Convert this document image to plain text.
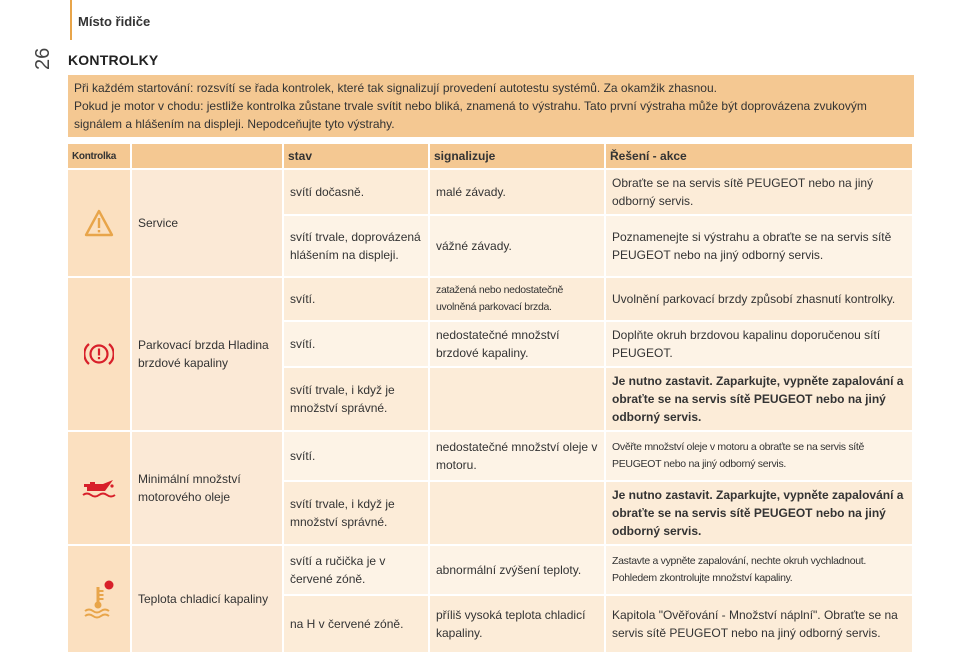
Místo řidiče
26 KONTROLKY

Při každém startování: rozsvítí se řada kontrolek, které tak signalizují provedení autotestu systémů. Za okamžik zhasnou.

Pokud je motor v chodu: jestliže kontrolka zůstane trvale svítit nebo bliká, znamená to výstrahu. Tato první výstraha může být doprovázena zvukovým signálem a hlášením na displeji. Nepodceňujte tyto výstrahy.

Kontrolka		stav	signalizuje	Řešení - akce

	Service	svítí dočasně.	malé závady.	Obraťte se na servis sítě PEUGEOT nebo na jiný odborný servis.
		svítí trvale, doprovázená hlášením na displeji.	vážné závady.	Poznamenejte si výstrahu a obraťte se na servis sítě PEUGEOT nebo na jiný odborný servis.

	Parkovací brzda Hladina brzdové kapaliny	svítí.	zatažená nebo nedostatečně uvolněná parkovací brzda.	Uvolnění parkovací brzdy způsobí zhasnutí kontrolky.
		svítí.	nedostatečné množství brzdové kapaliny.	Doplňte okruh brzdovou kapalinu doporučenou sítí PEUGEOT.
		svítí trvale, i když je množství správné.		Je nutno zastavit. Zaparkujte, vypněte zapalování a obraťte se na servis sítě PEUGEOT nebo na jiný odborný servis.

	Minimální množství motorového oleje	svítí.	nedostatečné množství oleje v motoru.	Ověřte množství oleje v motoru a obraťte se na servis sítě PEUGEOT nebo na jiný odborný servis.
		svítí trvale, i když je množství správné.		Je nutno zastavit. Zaparkujte, vypněte zapalování a obraťte se na servis sítě PEUGEOT nebo na jiný odborný servis.

	Teplota chladicí kapaliny	svítí a ručička je v červené zóně.	abnormální zvýšení teploty.	Zastavte a vypněte zapalování, nechte okruh vychladnout. Pohledem zkontrolujte množství kapaliny.
		na H v červené zóně.	příliš vysoká teplota chladicí kapaliny.	Kapitola "Ověřování - Množství náplní". Obraťte se na servis sítě PEUGEOT nebo na jiný odborný servis.
